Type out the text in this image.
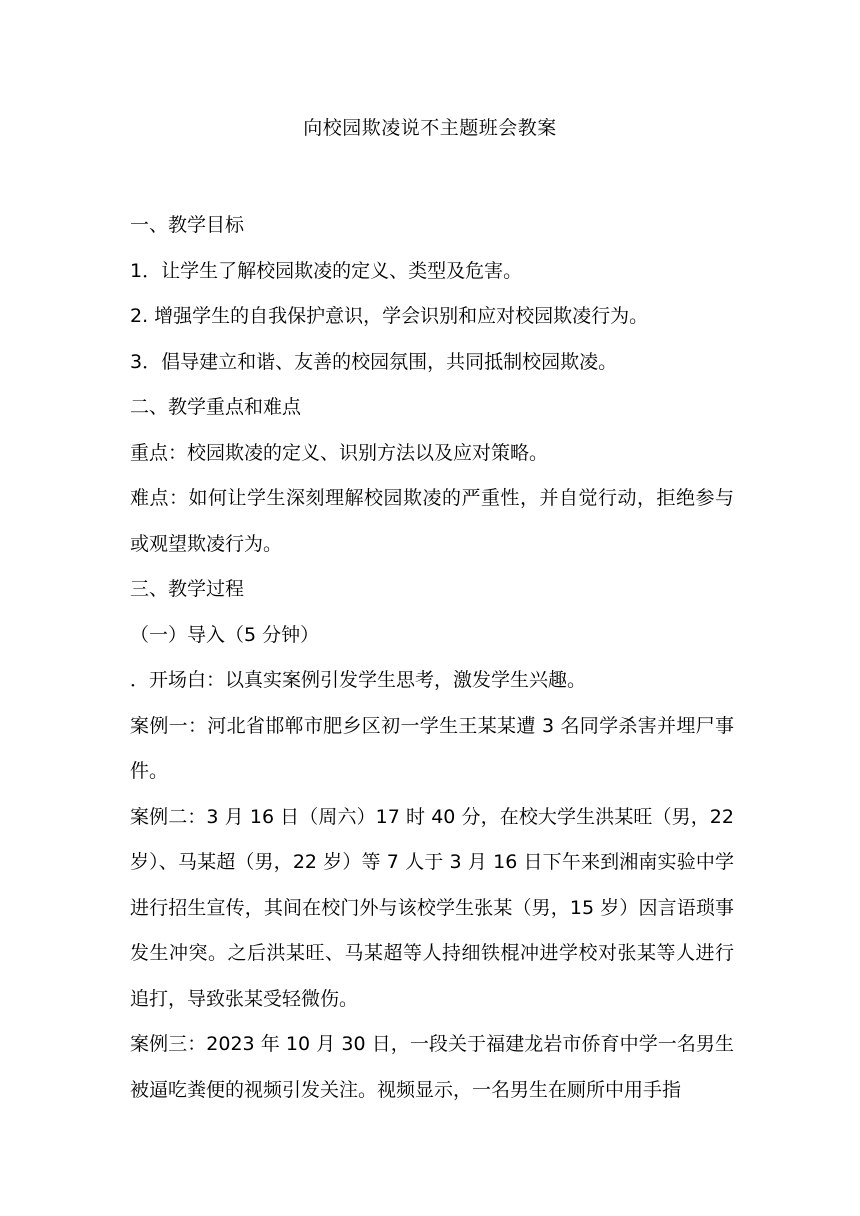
向校园欺凌说不主题班会教案

一、教学目标

1．让学生了解校园欺凌的定义、类型及危害。

2. 增强学生的自我保护意识，学会识别和应对校园欺凌行为。

3．倡导建立和谐、友善的校园氛围，共同抵制校园欺凌。

二、教学重点和难点

重点：校园欺凌的定义、识别方法以及应对策略。

难点：如何让学生深刻理解校园欺凌的严重性，并自觉行动，拒绝参与或观望欺凌行为。

三、教学过程

（一）导入（5 分钟）

．开场白：以真实案例引发学生思考，激发学生兴趣。

案例一：河北省邯郸市肥乡区初一学生王某某遭 3 名同学杀害并埋尸事件。

案例二：3 月 16 日（周六）17 时 40 分，在校大学生洪某旺（男，22 岁）、马某超（男，22 岁）等 7 人于 3 月 16 日下午来到湘南实验中学进行招生宣传，其间在校门外与该校学生张某（男，15 岁）因言语琐事发生冲突。之后洪某旺、马某超等人持细铁棍冲进学校对张某等人进行追打，导致张某受轻微伤。

案例三：2023 年 10 月 30 日，一段关于福建龙岩市侨育中学一名男生被逼吃粪便的视频引发关注。视频显示，一名男生在厕所中用手指
